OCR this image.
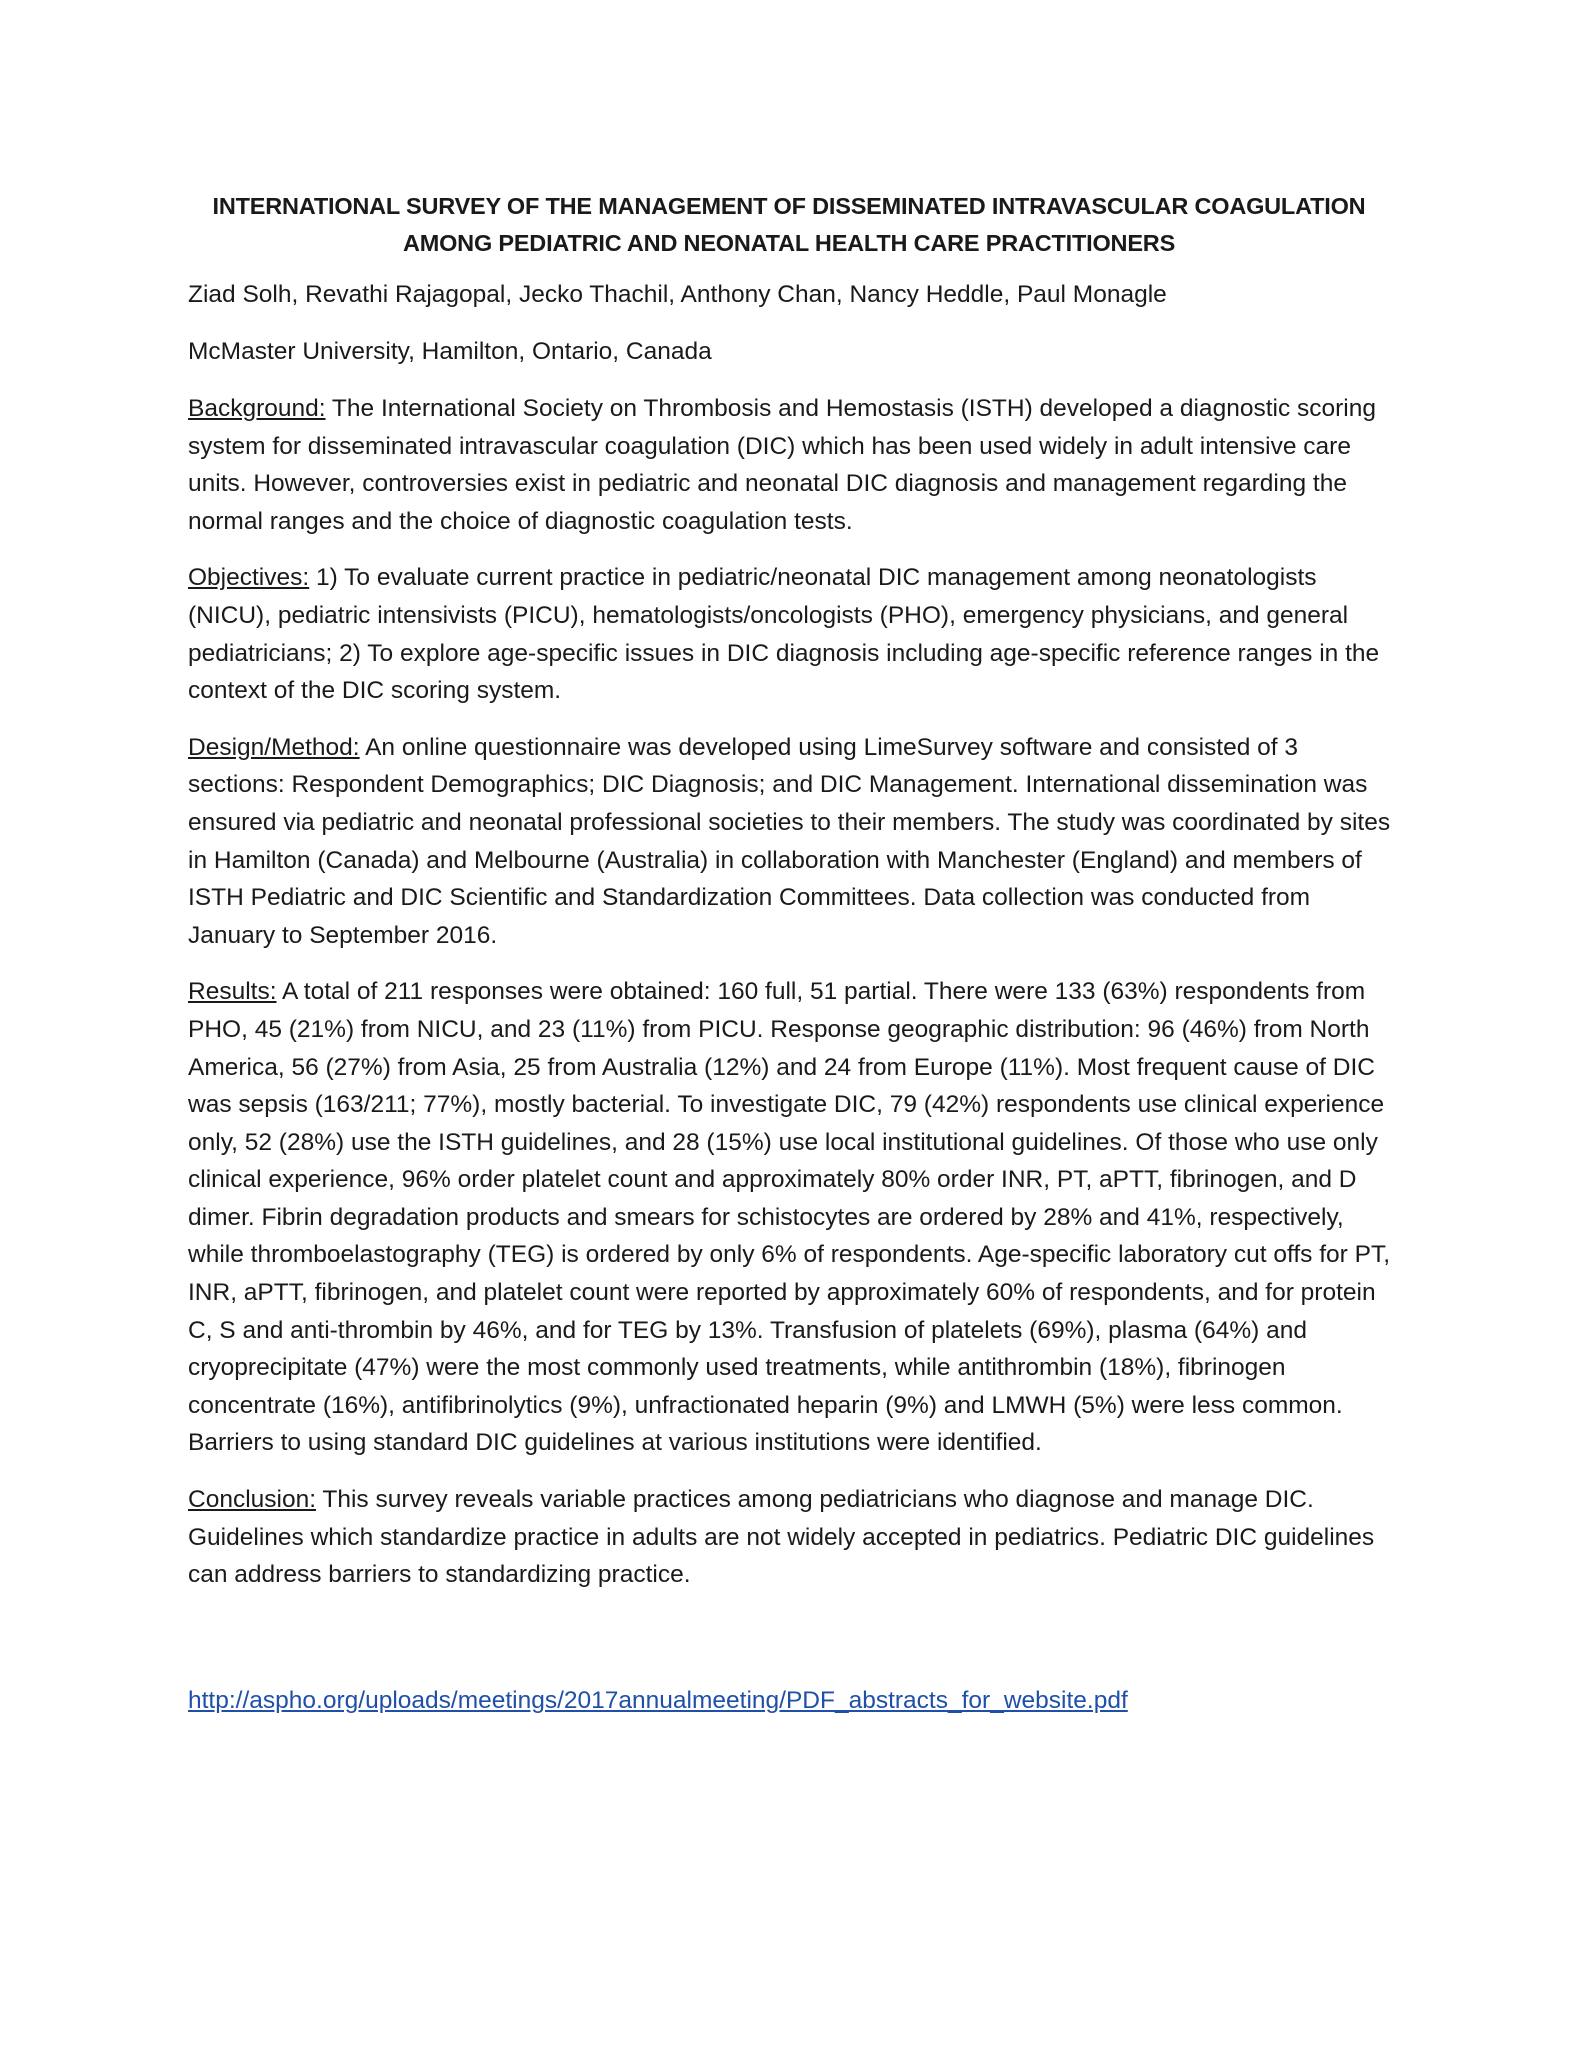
INTERNATIONAL SURVEY OF THE MANAGEMENT OF DISSEMINATED INTRAVASCULAR COAGULATION
AMONG PEDIATRIC AND NEONATAL HEALTH CARE PRACTITIONERS

Ziad Solh, Revathi Rajagopal, Jecko Thachil, Anthony Chan, Nancy Heddle, Paul Monagle

McMaster University, Hamilton, Ontario, Canada

Background: The International Society on Thrombosis and Hemostasis (ISTH) developed a diagnostic scoring system for disseminated intravascular coagulation (DIC) which has been used widely in adult intensive care units. However, controversies exist in pediatric and neonatal DIC diagnosis and management regarding the normal ranges and the choice of diagnostic coagulation tests.

Objectives: 1) To evaluate current practice in pediatric/neonatal DIC management among neonatologists (NICU), pediatric intensivists (PICU), hematologists/oncologists (PHO), emergency physicians, and general pediatricians; 2) To explore age-specific issues in DIC diagnosis including age-specific reference ranges in the context of the DIC scoring system.

Design/Method: An online questionnaire was developed using LimeSurvey software and consisted of 3 sections: Respondent Demographics; DIC Diagnosis; and DIC Management. International dissemination was ensured via pediatric and neonatal professional societies to their members. The study was coordinated by sites in Hamilton (Canada) and Melbourne (Australia) in collaboration with Manchester (England) and members of ISTH Pediatric and DIC Scientific and Standardization Committees. Data collection was conducted from January to September 2016.

Results: A total of 211 responses were obtained: 160 full, 51 partial. There were 133 (63%) respondents from PHO, 45 (21%) from NICU, and 23 (11%) from PICU. Response geographic distribution: 96 (46%) from North America, 56 (27%) from Asia, 25 from Australia (12%) and 24 from Europe (11%). Most frequent cause of DIC was sepsis (163/211; 77%), mostly bacterial. To investigate DIC, 79 (42%) respondents use clinical experience only, 52 (28%) use the ISTH guidelines, and 28 (15%) use local institutional guidelines. Of those who use only clinical experience, 96% order platelet count and approximately 80% order INR, PT, aPTT, fibrinogen, and D dimer. Fibrin degradation products and smears for schistocytes are ordered by 28% and 41%, respectively, while thromboelastography (TEG) is ordered by only 6% of respondents. Age-specific laboratory cut offs for PT, INR, aPTT, fibrinogen, and platelet count were reported by approximately 60% of respondents, and for protein C, S and anti-thrombin by 46%, and for TEG by 13%. Transfusion of platelets (69%), plasma (64%) and cryoprecipitate (47%) were the most commonly used treatments, while antithrombin (18%), fibrinogen concentrate (16%), antifibrinolytics (9%), unfractionated heparin (9%) and LMWH (5%) were less common. Barriers to using standard DIC guidelines at various institutions were identified.

Conclusion: This survey reveals variable practices among pediatricians who diagnose and manage DIC. Guidelines which standardize practice in adults are not widely accepted in pediatrics. Pediatric DIC guidelines can address barriers to standardizing practice.

http://aspho.org/uploads/meetings/2017annualmeeting/PDF_abstracts_for_website.pdf
